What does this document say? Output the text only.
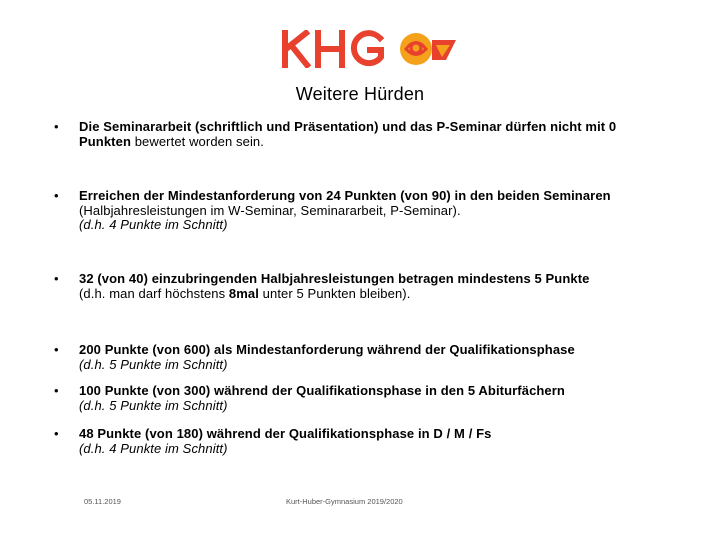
Weitere Hürden
• Die Seminararbeit (schriftlich und Präsentation) und das P-Seminar dürfen nicht mit 0 Punkten bewertet worden sein.
• Erreichen der Mindestanforderung von 24 Punkten (von 90) in den beiden Seminaren (Halbjahresleistungen im W-Seminar, Seminararbeit, P-Seminar).
(d.h. 4 Punkte im Schnitt)
• 32 (von 40) einzubringenden Halbjahresleistungen betragen mindestens 5 Punkte
(d.h. man darf höchstens 8mal unter 5 Punkten bleiben).
• 200 Punkte (von 600) als Mindestanforderung während der Qualifikationsphase
(d.h. 5 Punkte im Schnitt)
• 100 Punkte (von 300) während der Qualifikationsphase in den 5 Abiturfächern
(d.h. 5 Punkte im Schnitt)
• 48 Punkte (von 180) während der Qualifikationsphase in D / M / Fs
(d.h. 4 Punkte im Schnitt)
05.11.2019	Kurt-Huber-Gymnasium 2019/2020
